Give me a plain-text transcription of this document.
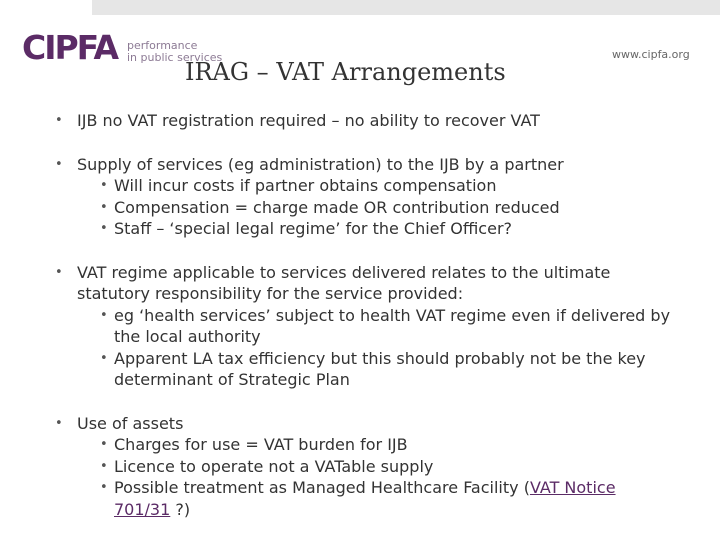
CIPFA performance
in public services	www.cipfa.org
IRAG – VAT Arrangements
• IJB no VAT registration required – no ability to recover VAT
• Supply of services (eg administration) to the IJB by a partner
• Will incur costs if partner obtains compensation
• Compensation = charge made OR contribution reduced
• Staff – ‘special legal regime’ for the Chief Officer?
• VAT regime applicable to services delivered relates to the ultimate statutory responsibility for the service provided:
• eg ‘health services’ subject to health VAT regime even if delivered by the local authority
• Apparent LA tax efficiency but this should probably not be the key determinant of Strategic Plan
• Use of assets
• Charges for use = VAT burden for IJB
• Licence to operate not a VATable supply
• Possible treatment as Managed Healthcare Facility (VAT Notice 701/31 ?)
